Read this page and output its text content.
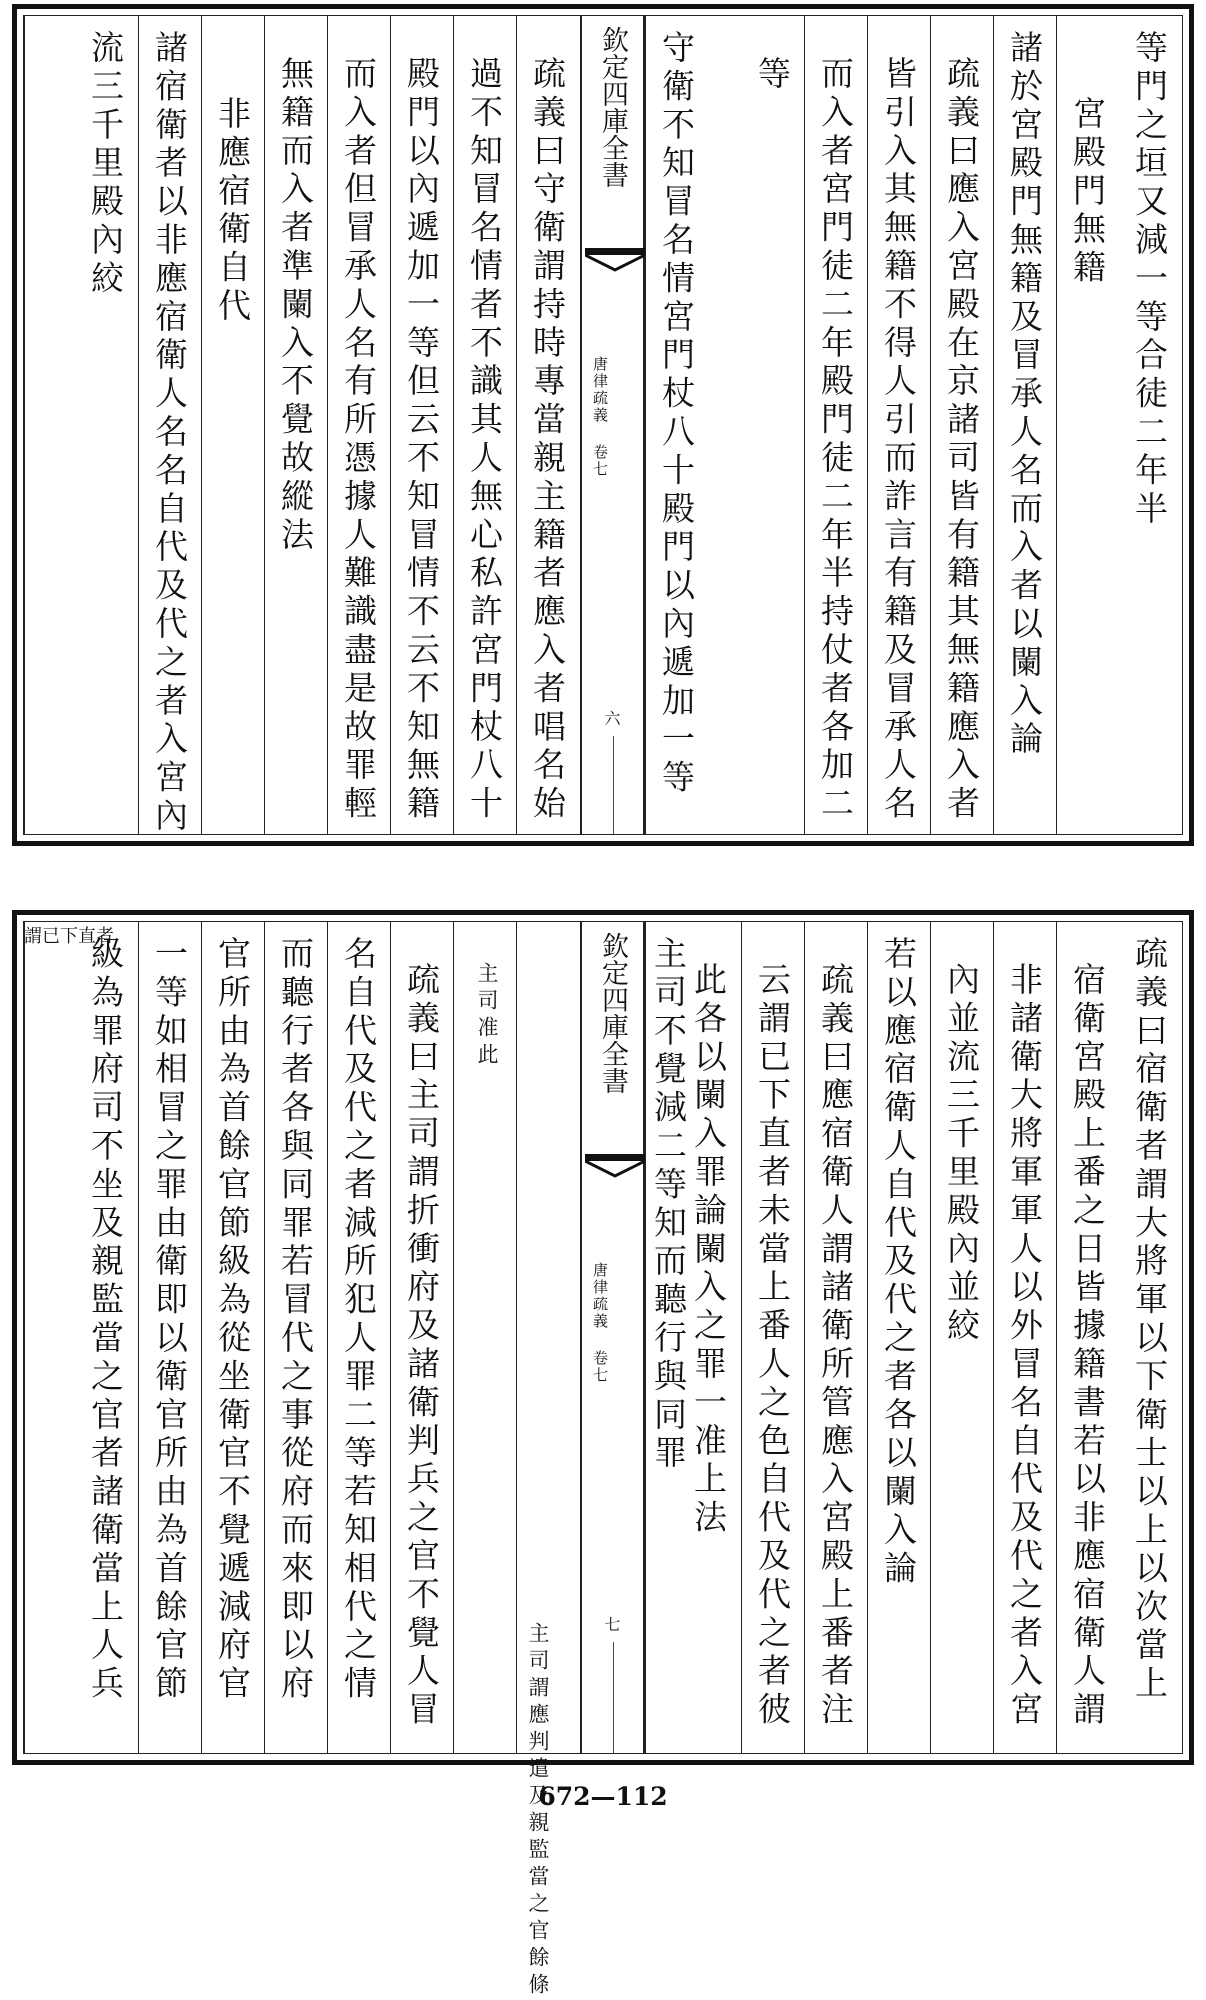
等門之垣又減一等合徒二年半
宮殿門無籍
諸於宮殿門無籍及冒承人名而入者以闌入論
疏義曰應入宮殿在京諸司皆有籍其無籍應入者
皆引入其無籍不得人引而詐言有籍及冒承人名
而入者宮門徒二年殿門徒二年半持仗者各加二
等
守衛不知冒名情宮門杖八十殿門以內遞加一等
欽定四庫全書
唐律疏義 卷七
六
疏義曰守衛謂持時專當親主籍者應入者唱名始
過不知冒名情者不識其人無心私許宮門杖八十
殿門以內遞加一等但云不知冒情不云不知無籍
而入者但冒承人名有所憑據人難識盡是故罪輕
無籍而入者準闌入不覺故縱法
非應宿衛自代
諸宿衛者以非應宿衛人名名自代及代之者入宮內
流三千里殿內絞
疏義曰宿衛者謂大將軍以下衛士以上以次當上
宿衛宮殿上番之日皆據籍書若以非應宿衛人謂
非諸衛大將軍軍人以外冒名自代及代之者入宮
內並流三千里殿內並絞
若以應宿衛人自代及代之者各以闌入論
疏義曰應宿衛人謂諸衛所管應入宮殿上番者注
云謂已下直者未當上番人之色自代及代之者彼
此各以闌入罪論闌入之罪一准上法
主司不覺減二等知而聽行與同罪
欽定四庫全書
唐律疏義 卷七
七
主司謂應判遣及親監當之官餘條
主司准此
疏義曰主司謂折衝府及諸衛判兵之官不覺人冒
名自代及代之者減所犯人罪二等若知相代之情
而聽行者各與同罪若冒代之事從府而來即以府
官所由為首餘官節級為從坐衛官不覺遞減府官
一等如相冒之罪由衛即以衛官所由為首餘官節
級為罪府司不坐及親監當之官者諸衛當上人兵
謂已下直者
672—112
